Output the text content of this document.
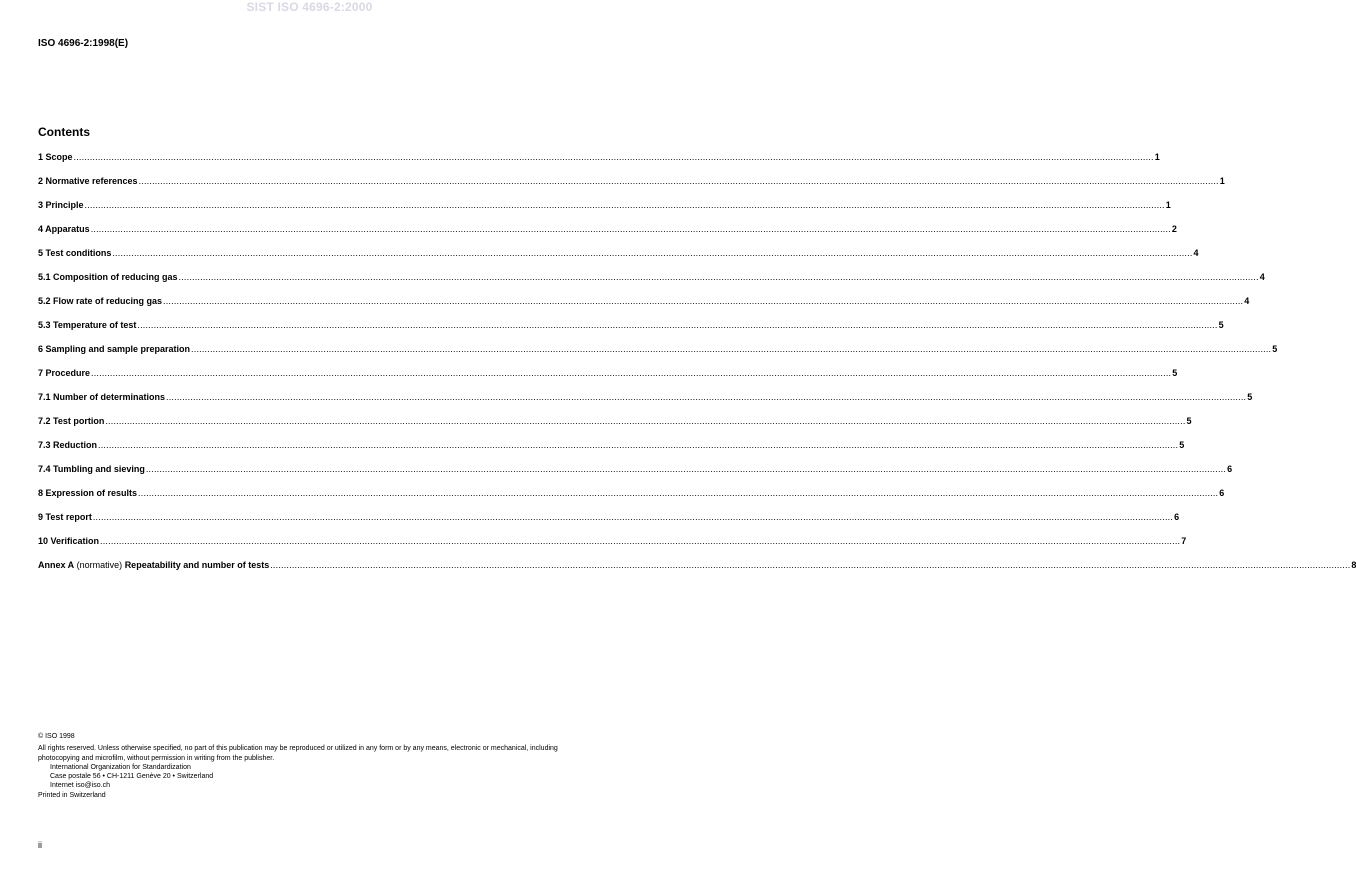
SIST ISO 4696-2:2000
ISO 4696-2:1998(E)
Contents
1 Scope ................................................................................................................................................................................................................................................................................................................................................................................................................ 1
2 Normative references ................................................................................................................................................................................................................................................................................................................................................................................................................ 1
3 Principle ................................................................................................................................................................................................................................................................................................................................................................................................................ 1
4 Apparatus ................................................................................................................................................................................................................................................................................................................................................................................................................ 2
5 Test conditions ................................................................................................................................................................................................................................................................................................................................................................................................................ 4
5.1 Composition of reducing gas ................................................................................................................................................................................................................................................................................................................................................................................................................ 4
5.2 Flow rate of reducing gas ................................................................................................................................................................................................................................................................................................................................................................................................................ 4
5.3 Temperature of test ................................................................................................................................................................................................................................................................................................................................................................................................................ 5
6 Sampling and sample preparation ................................................................................................................................................................................................................................................................................................................................................................................................................ 5
7 Procedure ................................................................................................................................................................................................................................................................................................................................................................................................................ 5
7.1 Number of determinations ................................................................................................................................................................................................................................................................................................................................................................................................................ 5
7.2 Test portion ................................................................................................................................................................................................................................................................................................................................................................................................................ 5
7.3 Reduction ................................................................................................................................................................................................................................................................................................................................................................................................................ 5
7.4 Tumbling and sieving ................................................................................................................................................................................................................................................................................................................................................................................................................ 6
8 Expression of results ................................................................................................................................................................................................................................................................................................................................................................................................................ 6
9 Test report ................................................................................................................................................................................................................................................................................................................................................................................................................ 6
10 Verification ................................................................................................................................................................................................................................................................................................................................................................................................................ 7
Annex A (normative) Repeatability and number of tests ................................................................................................................................................................................................................................................................................................................................................................................................................ 8

© ISO 1998

All rights reserved. Unless otherwise specified, no part of this publication may be reproduced or utilized in any form or by any means, electronic or mechanical, including photocopying and microfilm, without permission in writing from the publisher.

International Organization for Standardization

Case postale 56 • CH-1211 Genève 20 • Switzerland

Internet iso@iso.ch

Printed in Switzerland

ii
